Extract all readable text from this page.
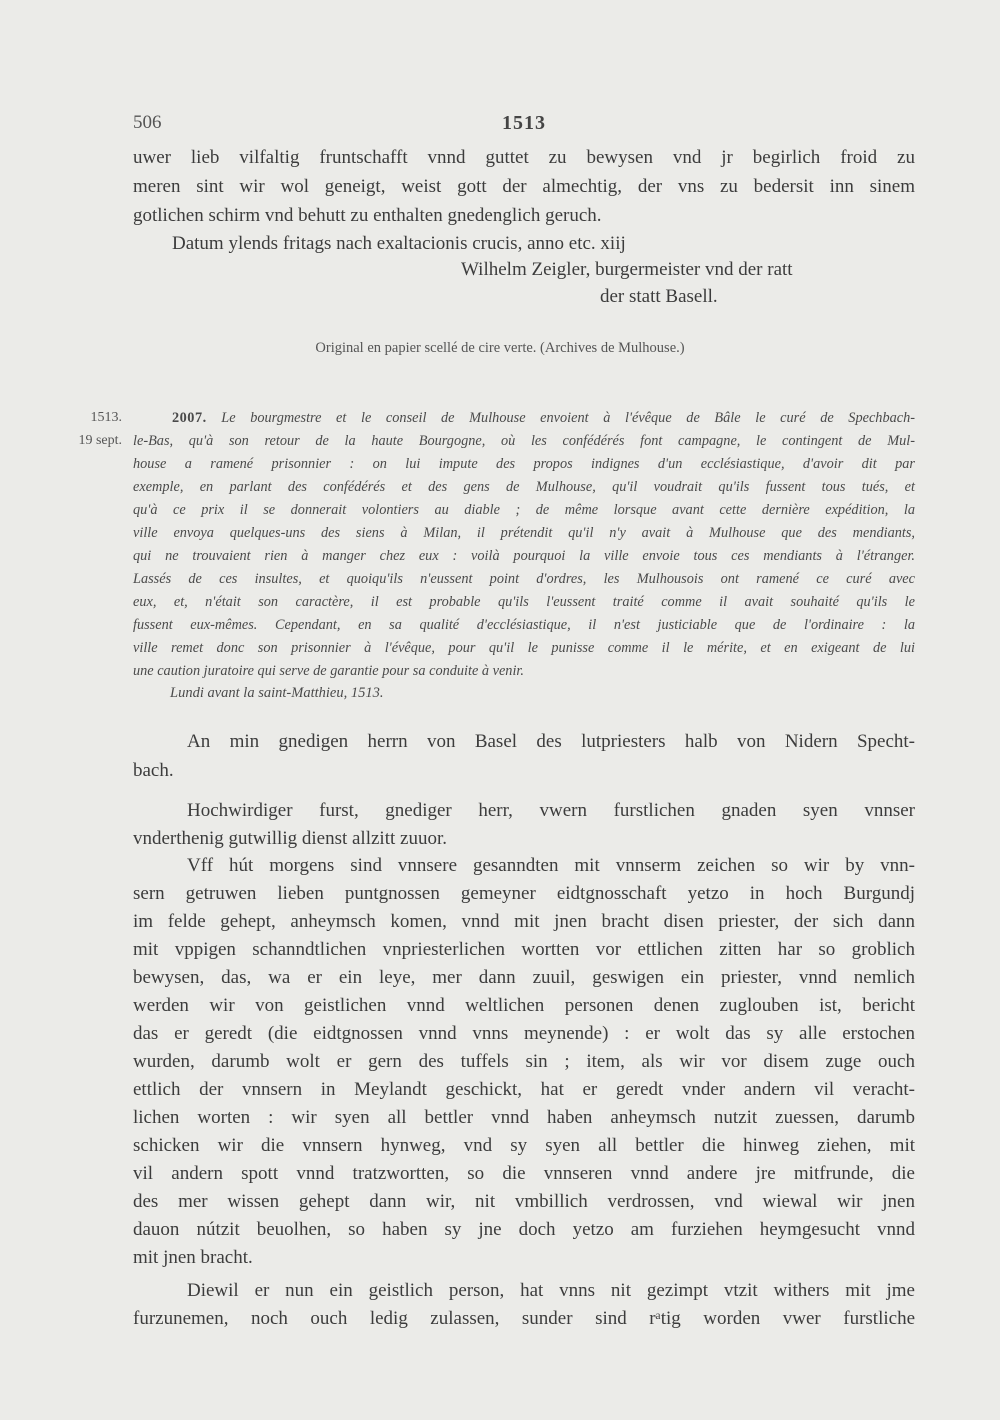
506	1513
uwer lieb vilfaltig fruntschafft vnnd guttet zu bewysen vnd jr begirlich froid zu
meren sint wir wol geneigt, weist gott der almechtig, der vns zu bedersit inn sinem
gotlichen schirm vnd behutt zu enthalten gnedenglich geruch.
Datum ylends fritags nach exaltacionis crucis, anno etc. xiij
Wilhelm Zeigler, burgermeister vnd der ratt
der statt Basell.
Original en papier scellé de cire verte. (Archives de Mulhouse.)
1513.
19 sept.
2007. Le bourgmestre et le conseil de Mulhouse envoient à l'évêque de Bâle le curé de Spechbach-
le-Bas, qu'à son retour de la haute Bourgogne, où les confédérés font campagne, le contingent de Mul-
house a ramené prisonnier : on lui impute des propos indignes d'un ecclésiastique, d'avoir dit par
exemple, en parlant des confédérés et des gens de Mulhouse, qu'il voudrait qu'ils fussent tous tués, et
qu'à ce prix il se donnerait volontiers au diable ; de même lorsque avant cette dernière expédition, la
ville envoya quelques-uns des siens à Milan, il prétendit qu'il n'y avait à Mulhouse que des mendiants,
qui ne trouvaient rien à manger chez eux : voilà pourquoi la ville envoie tous ces mendiants à l'étranger.
Lassés de ces insultes, et quoiqu'ils n'eussent point d'ordres, les Mulhousois ont ramené ce curé avec
eux, et, n'était son caractère, il est probable qu'ils l'eussent traité comme il avait souhaité qu'ils le
fussent eux-mêmes. Cependant, en sa qualité d'ecclésiastique, il n'est justiciable que de l'ordinaire : la
ville remet donc son prisonnier à l'évêque, pour qu'il le punisse comme il le mérite, et en exigeant de lui
une caution juratoire qui serve de garantie pour sa conduite à venir.
Lundi avant la saint-Matthieu, 1513.
An min gnedigen herrn von Basel des lutpriesters halb von Nidern Specht-
bach.
Hochwirdiger furst, gnediger herr, vwern furstlichen gnaden syen vnnser
vnderthenig gutwillig dienst allzitt zuuor.
Vff hút morgens sind vnnsere gesanndten mit vnnserm zeichen so wir by vnn-
sern getruwen lieben puntgnossen gemeyner eidtgnosschaft yetzo in hoch Burgundj
im felde gehept, anheymsch komen, vnnd mit jnen bracht disen priester, der sich dann
mit vppigen schanndtlichen vnpriesterlichen wortten vor ettlichen zitten har so groblich
bewysen, das, wa er ein leye, mer dann zuuil, geswigen ein priester, vnnd nemlich
werden wir von geistlichen vnnd weltlichen personen denen zuglouben ist, bericht
das er geredt (die eidtgnossen vnnd vnns meynende) : er wolt das sy alle erstochen
wurden, darumb wolt er gern des tuffels sin ; item, als wir vor disem zuge ouch
ettlich der vnnsern in Meylandt geschickt, hat er geredt vnder andern vil veracht-
lichen worten : wir syen all bettler vnnd haben anheymsch nutzit zuessen, darumb
schicken wir die vnnsern hynweg, vnd sy syen all bettler die hinweg ziehen, mit
vil andern spott vnnd tratzwortten, so die vnnseren vnnd andere jre mitfrunde, die
des mer wissen gehept dann wir, nit vmbillich verdrossen, vnd wiewal wir jnen
dauon nútzit beuolhen, so haben sy jne doch yetzo am furziehen heymgesucht vnnd
mit jnen bracht.
Diewil er nun ein geistlich person, hat vnns nit gezimpt vtzit withers mit jme
furzunemen, noch ouch ledig zulassen, sunder sind rᵃtig worden vwer furstliche
